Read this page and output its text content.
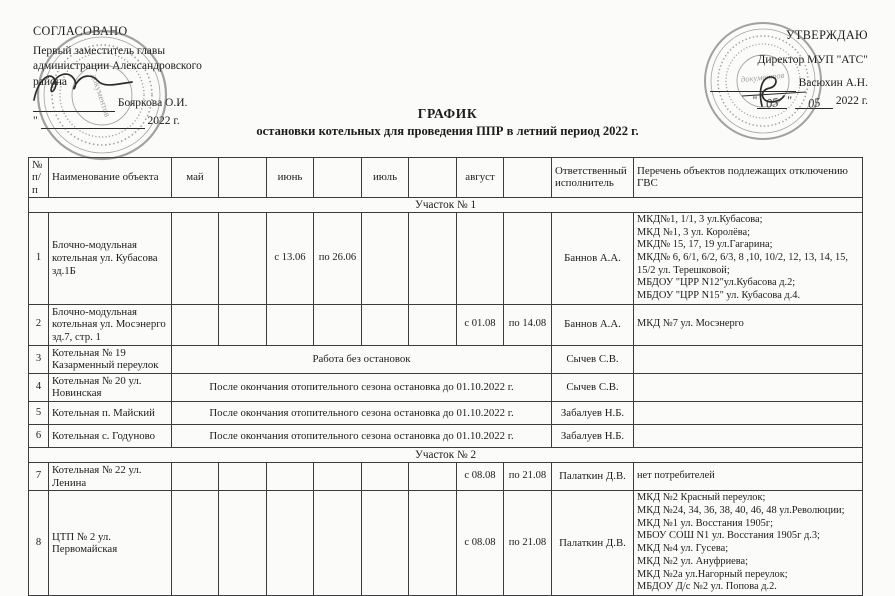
СОГЛАСОВАНО
Первый заместитель главы
администрации Александровского
района
Бояркова О.И.
"	2022 г.
документов
УТВЕРЖДАЮ
Директор МУП "АТС"
Васюхин А.Н.
" 05 " 05 2022 г.
документов
ГРАФИК
остановки котельных для проведения ППР в летний период 2022 г.
№ п/п	Наименование объекта	май		июнь		июль		август		Ответственный исполнитель	Перечень объектов подлежащих отключению ГВС
Участок № 1											
1	Блочно-модульная котельная ул. Кубасова зд.1Б			с 13.06	по 26.06					Баннов А.А.	МКД№1, 1/1, 3 ул.Кубасова;
МКД №1, 3 ул. Королёва;
МКД№ 15, 17, 19 ул.Гагарина;
МКД№ 6, 6/1, 6/2, 6/3, 8 ,10, 10/2, 12, 13, 14, 15, 15/2 ул. Терешковой;
МБДОУ "ЦРР N12"ул.Кубасова д.2;
МБДОУ "ЦРР N15" ул. Кубасова д.4.
2	Блочно-модульная котельная ул. Мосэнерго зд.7, стр. 1							с 01.08	по 14.08	Баннов А.А.	МКД №7 ул. Мосэнерго
3	Котельная № 19 Казарменный переулок	Работа без остановок								Сычев С.В.	
4	Котельная № 20 ул. Новинская	После окончания отопительного сезона остановка до 01.10.2022 г.								Сычев С.В.	
5	Котельная п. Майский	После окончания отопительного сезона остановка до 01.10.2022 г.								Забалуев Н.Б.	
6	Котельная с. Годуново	После окончания отопительного сезона остановка до 01.10.2022 г.								Забалуев Н.Б.	
Участок № 2											
7	Котельная № 22 ул. Ленина							с 08.08	по 21.08	Палаткин Д.В.	нет потребителей
8	ЦТП № 2 ул. Первомайская							с 08.08	по 21.08	Палаткин Д.В.	МКД №2 Красный переулок;
МКД №24, 34, 36, 38, 40, 46, 48 ул.Революции;
МКД №1 ул. Восстания 1905г;
МБОУ СОШ N1 ул. Восстания 1905г д.3;
МКД №4 ул. Гусева;
МКД №2 ул. Ануфриева;
МКД №2а ул.Нагорный переулок;
МБДОУ Д/с №2 ул. Попова д.2.
